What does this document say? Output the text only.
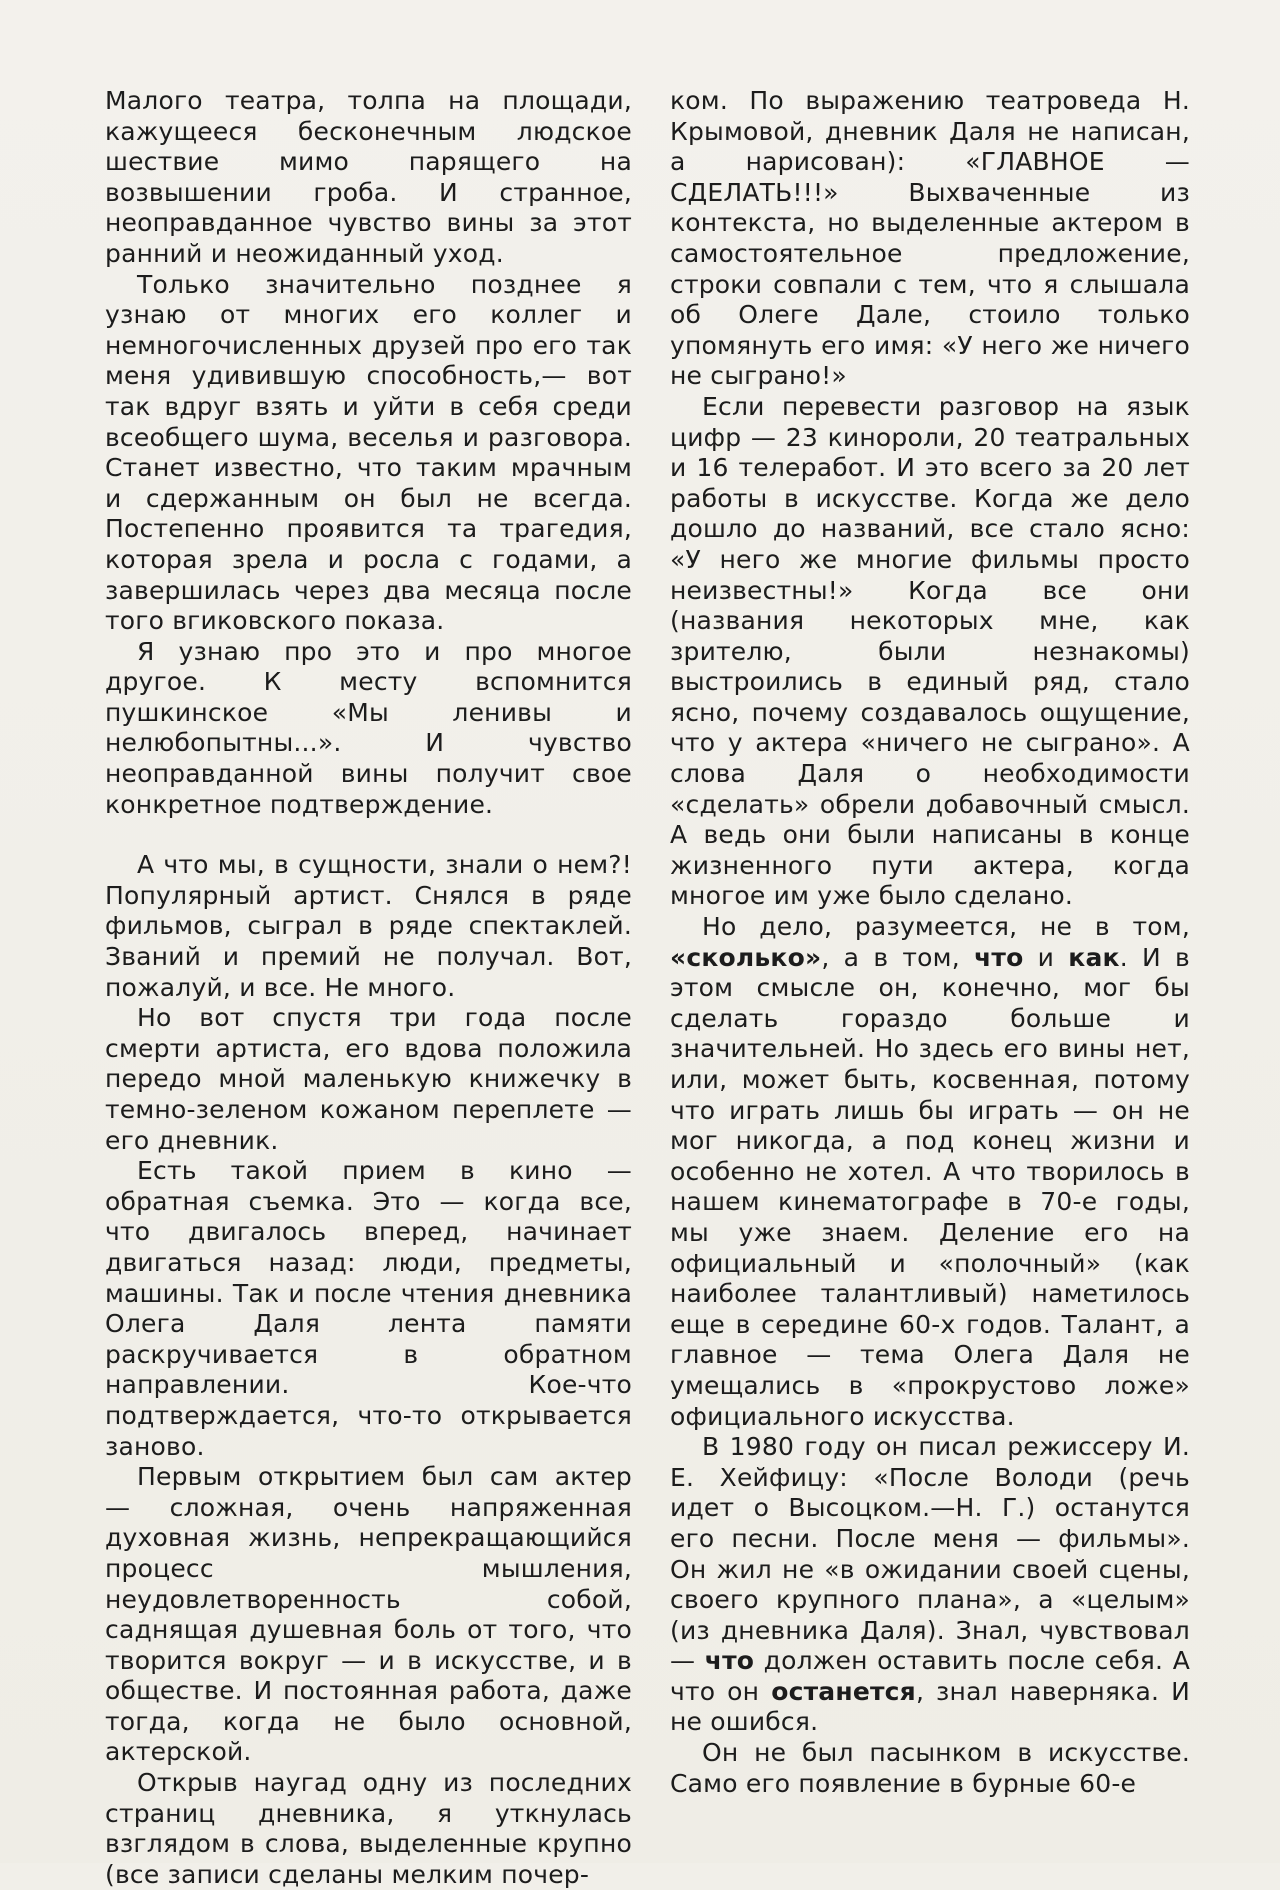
Малого театра, толпа на площади, кажущееся бесконечным людское шествие мимо парящего на возвышении гроба. И странное, неоправданное чувство вины за этот ранний и неожиданный уход.

Только значительно позднее я узнаю от многих его коллег и немногочисленных друзей про его так меня удивившую способность,— вот так вдруг взять и уйти в себя среди всеобщего шума, веселья и разговора. Станет известно, что таким мрачным и сдержанным он был не всегда. Постепенно проявится та трагедия, которая зрела и росла с годами, а завершилась через два месяца после того вгиковского показа.

Я узнаю про это и про многое другое. К месту вспомнится пушкинское «Мы ленивы и нелюбопытны...». И чувство неоправданной вины получит свое конкретное подтверждение.

А что мы, в сущности, знали о нем?! Популярный артист. Снялся в ряде фильмов, сыграл в ряде спектаклей. Званий и премий не получал. Вот, пожалуй, и все. Не много.

Но вот спустя три года после смерти артиста, его вдова положила передо мной маленькую книжечку в темно-зеленом кожаном переплете — его дневник.

Есть такой прием в кино — обратная съемка. Это — когда все, что двигалось вперед, начинает двигаться назад: люди, предметы, машины. Так и после чтения дневника Олега Даля лента памяти раскручивается в обратном направлении. Кое-что подтверждается, что-то открывается заново.

Первым открытием был сам актер — сложная, очень напряженная духовная жизнь, непрекращающийся процесс мышления, неудовлетворенность собой, саднящая душевная боль от того, что творится вокруг — и в искусстве, и в обществе. И постоянная работа, даже тогда, когда не было основной, актерской.

Открыв наугад одну из последних страниц дневника, я уткнулась взглядом в слова, выделенные крупно (все записи сделаны мелким почер-

ком. По выражению театроведа Н. Крымовой, дневник Даля не написан, а нарисован): «ГЛАВНОЕ — СДЕЛАТЬ!!!» Выхваченные из контекста, но выделенные актером в самостоятельное предложение, строки совпали с тем, что я слышала об Олеге Дале, стоило только упомянуть его имя: «У него же ничего не сыграно!»

Если перевести разговор на язык цифр — 23 кинороли, 20 театральных и 16 телеработ. И это всего за 20 лет работы в искусстве. Когда же дело дошло до названий, все стало ясно: «У него же многие фильмы просто неизвестны!» Когда все они (названия некоторых мне, как зрителю, были незнакомы) выстроились в единый ряд, стало ясно, почему создавалось ощущение, что у актера «ничего не сыграно». А слова Даля о необходимости «сделать» обрели добавочный смысл. А ведь они были написаны в конце жизненного пути актера, когда многое им уже было сделано.

Но дело, разумеется, не в том, «сколько», а в том, что и как. И в этом смысле он, конечно, мог бы сделать гораздо больше и значительней. Но здесь его вины нет, или, может быть, косвенная, потому что играть лишь бы играть — он не мог никогда, а под конец жизни и особенно не хотел. А что творилось в нашем кинематографе в 70-е годы, мы уже знаем. Деление его на официальный и «полочный» (как наиболее талантливый) наметилось еще в середине 60-х годов. Талант, а главное — тема Олега Даля не умещались в «прокрустово ложе» официального искусства.

В 1980 году он писал режиссеру И. Е. Хейфицу: «После Володи (речь идет о Высоцком.—Н. Г.) останутся его песни. После меня — фильмы». Он жил не «в ожидании своей сцены, своего крупного плана», а «целым» (из дневника Даля). Знал, чувствовал — что должен оставить после себя. А что он останется, знал наверняка. И не ошибся.

Он не был пасынком в искусстве. Само его появление в бурные 60-е
